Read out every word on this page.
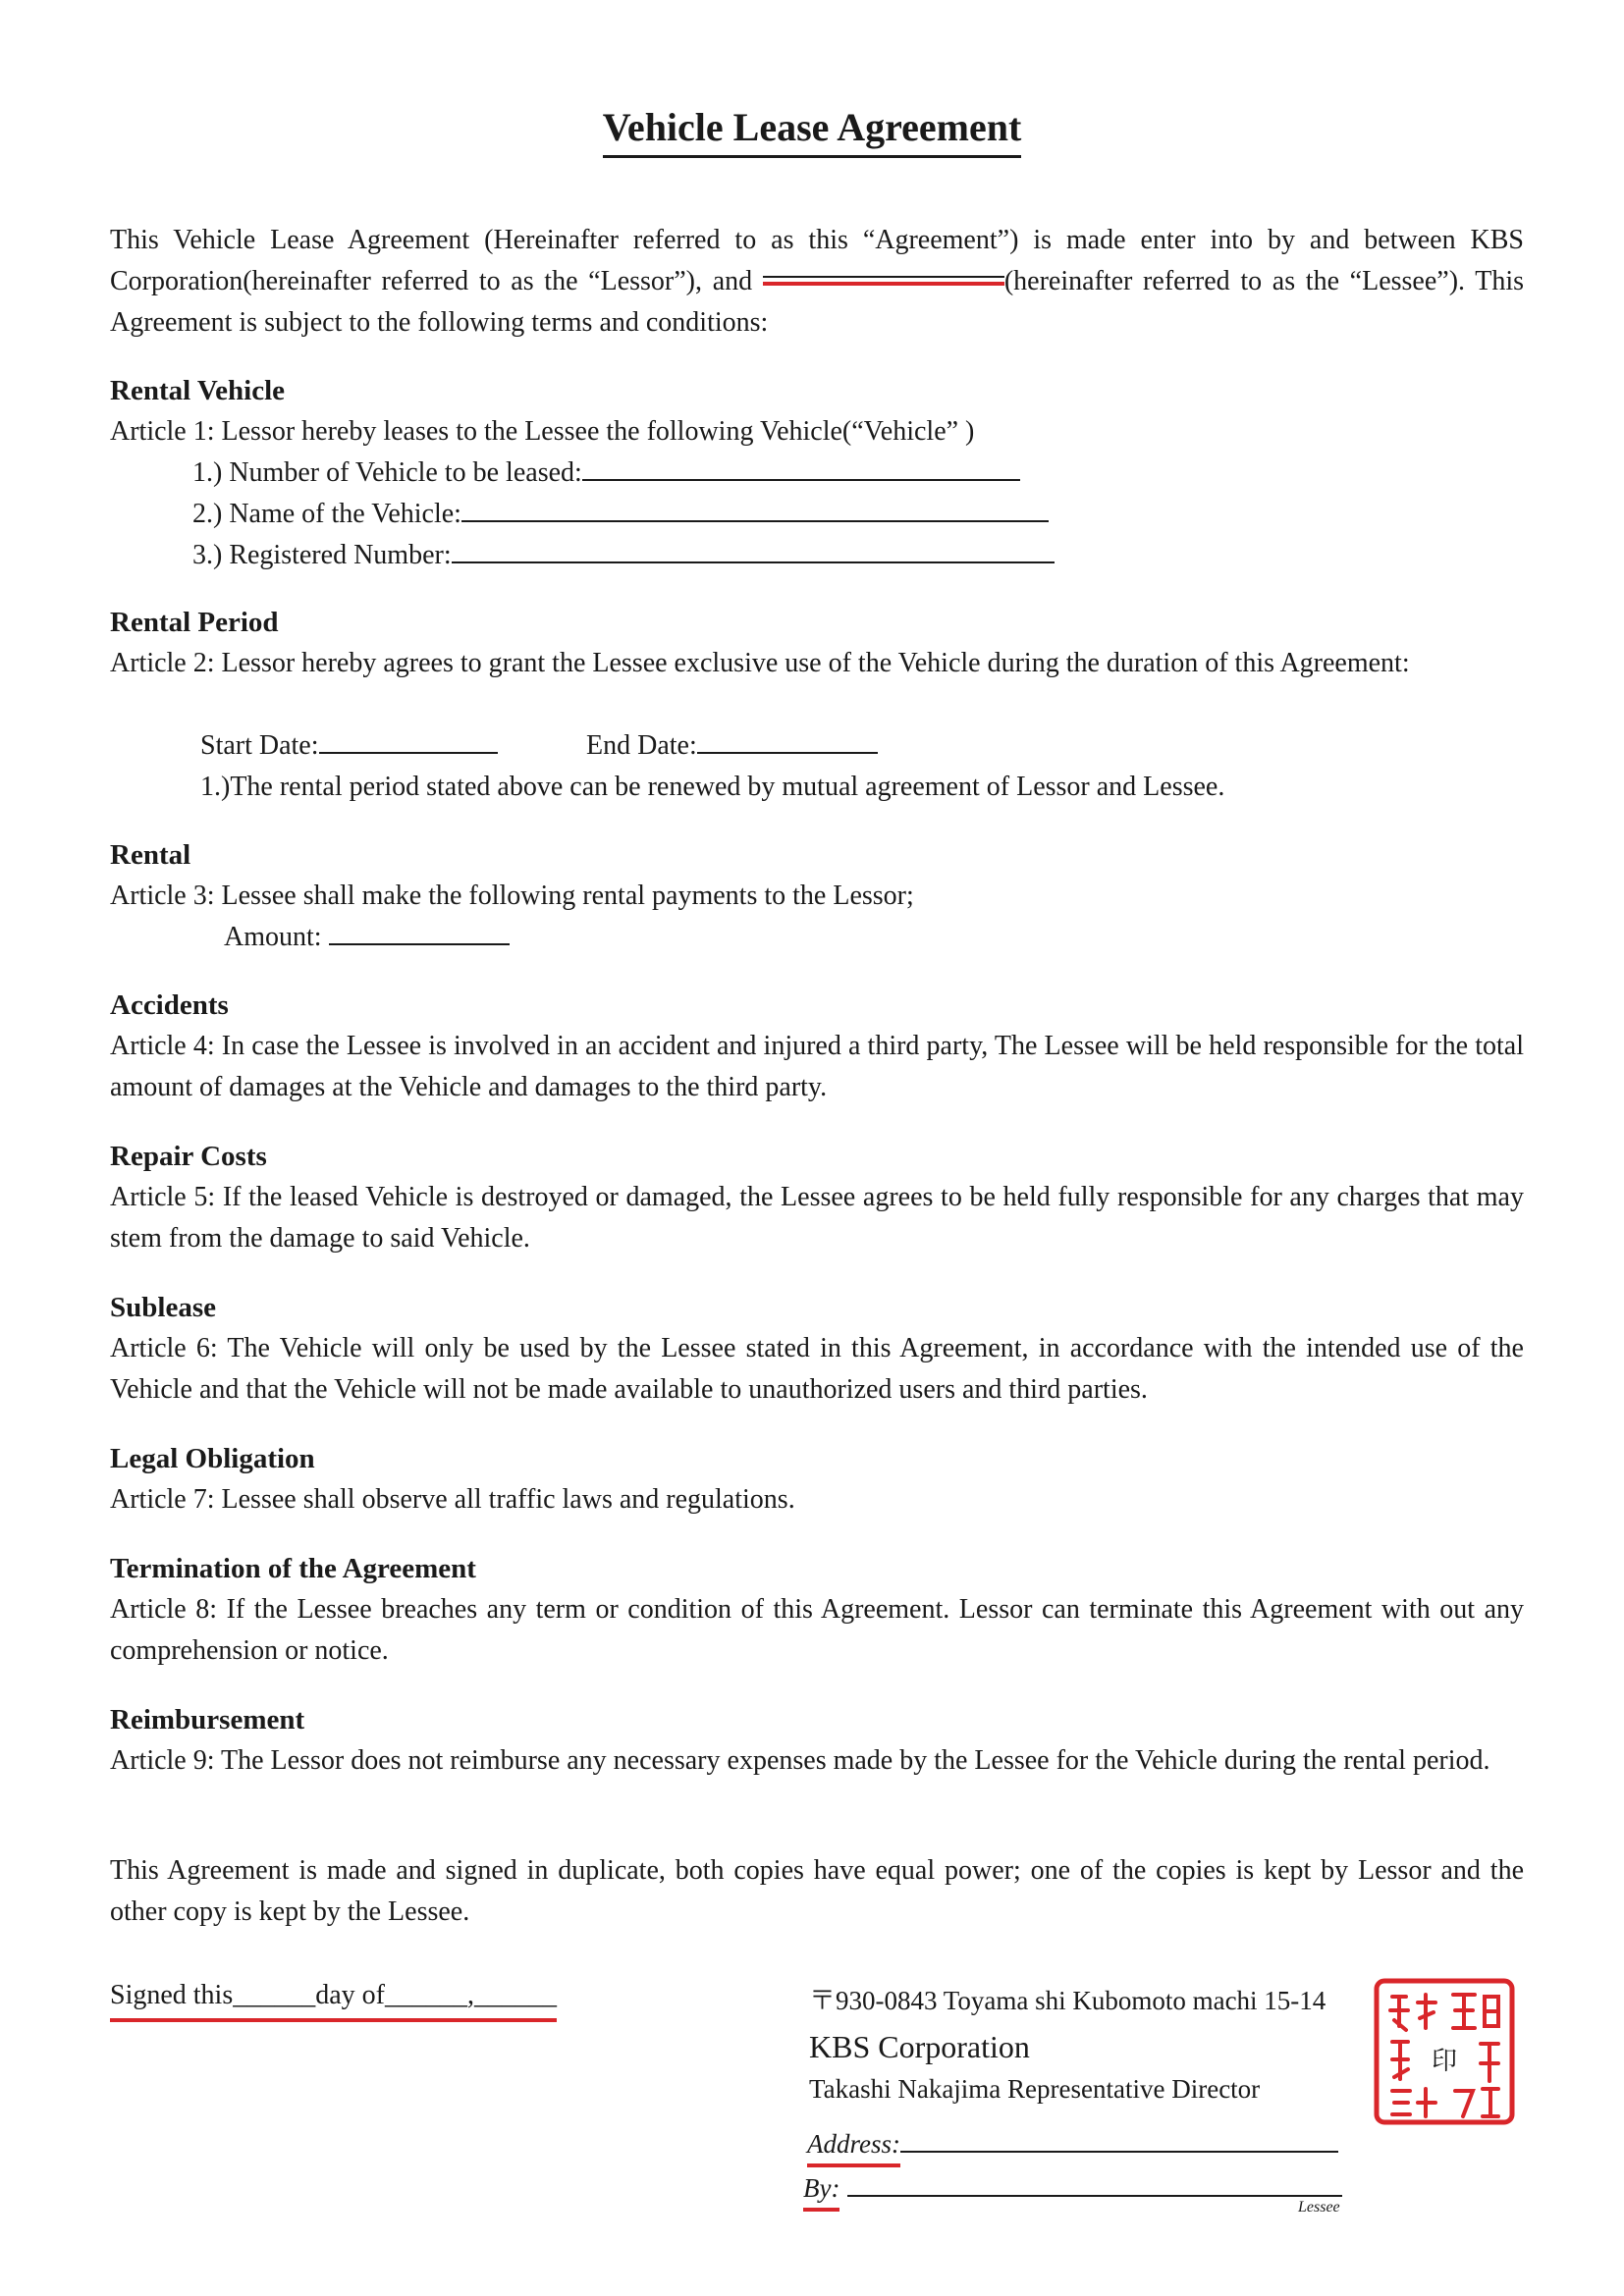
Vehicle Lease Agreement
This Vehicle Lease Agreement (Hereinafter referred to as this “Agreement”) is made enter into by and between KBS Corporation(hereinafter referred to as the “Lessor”), and	(hereinafter referred to as the “Lessee”). This Agreement is subject to the following terms and conditions:
Rental Vehicle
Article 1: Lessor hereby leases to the Lessee the following Vehicle(“Vehicle” )
1.) Number of Vehicle to be leased:
2.) Name of the Vehicle:
3.) Registered Number:
Rental Period
Article 2: Lessor hereby agrees to grant the Lessee exclusive use of the Vehicle during the duration of this Agreement:
Start Date:	End Date:
1.)The rental period stated above can be renewed by mutual agreement of Lessor and Lessee.
Rental
Article 3: Lessee shall make the following rental payments to the Lessor;
Amount:
Accidents
Article 4: In case the Lessee is involved in an accident and injured a third party, The Lessee will be held responsible for the total amount of damages at the Vehicle and damages to the third party.
Repair Costs
Article 5: If the leased Vehicle is destroyed or damaged, the Lessee agrees to be held fully responsible for any charges that may stem from the damage to said Vehicle.
Sublease
Article 6: The Vehicle will only be used by the Lessee stated in this Agreement, in accordance with the intended use of the Vehicle and that the Vehicle will not be made available to unauthorized users and third parties.
Legal Obligation
Article 7: Lessee shall observe all traffic laws and regulations.
Termination of the Agreement
Article 8: If the Lessee breaches any term or condition of this Agreement. Lessor can terminate this Agreement with out any comprehension or notice.
Reimbursement
Article 9: The Lessor does not reimburse any necessary expenses made by the Lessee for the Vehicle during the rental period.
This Agreement is made and signed in duplicate, both copies have equal power; one of the copies is kept by Lessor and the other copy is kept by the Lessee.
Signed this______day of______,______	〒930-0843 Toyama shi Kubomoto machi 15-14
KBS Corporation
Takashi Nakajima Representative Director
印
Address:
By:
Lessee
